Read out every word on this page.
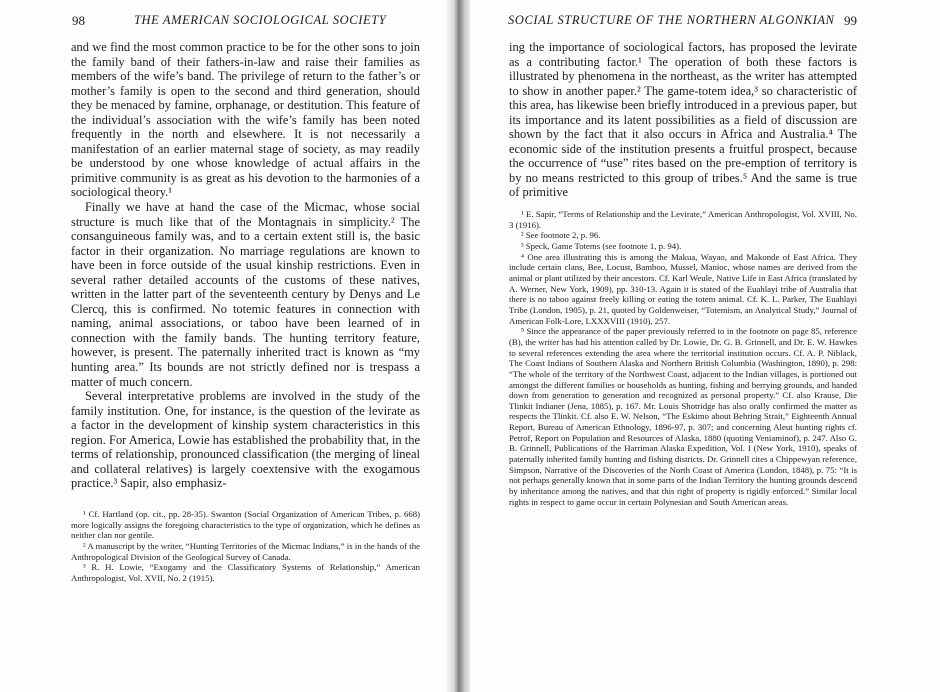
98	THE AMERICAN SOCIOLOGICAL SOCIETY

and we find the most common practice to be for the other sons to join the family band of their fathers-in-law and raise their families as members of the wife’s band. The privilege of return to the father’s or mother’s family is open to the second and third generation, should they be menaced by famine, orphanage, or destitution. This feature of the individual’s association with the wife’s family has been noted frequently in the north and elsewhere. It is not necessarily a manifestation of an earlier maternal stage of society, as may readily be understood by one whose knowledge of actual affairs in the primitive community is as great as his devotion to the harmonies of a sociological theory.¹

Finally we have at hand the case of the Micmac, whose social structure is much like that of the Montagnais in simplicity.² The consanguineous family was, and to a certain extent still is, the basic factor in their organization. No marriage regulations are known to have been in force outside of the usual kinship restrictions. Even in several rather detailed accounts of the customs of these natives, written in the latter part of the seventeenth century by Denys and Le Clercq, this is confirmed. No totemic features in connection with naming, animal associations, or taboo have been learned of in connection with the family bands. The hunting territory feature, however, is present. The paternally inherited tract is known as “my hunting area.” Its bounds are not strictly defined nor is trespass a matter of much concern.

Several interpretative problems are involved in the study of the family institution. One, for instance, is the question of the levirate as a factor in the development of kinship system characteristics in this region. For America, Lowie has established the probability that, in the terms of relationship, pronounced classification (the merging of lineal and collateral relatives) is largely coextensive with the exogamous practice.³ Sapir, also emphasiz-

¹ Cf. Hartland (op. cit., pp. 28-35). Swanton (Social Organization of American Tribes, p. 668) more logically assigns the foregoing characteristics to the type of organization, which he defines as neither clan nor gentile.

² A manuscript by the writer, “Hunting Territories of the Micmac Indians,” is in the hands of the Anthropological Division of the Geological Survey of Canada.

³ R. H. Lowie, “Exogamy and the Classificatory Systems of Relationship,” American Anthropologist, Vol. XVII, No. 2 (1915).

SOCIAL STRUCTURE OF THE NORTHERN ALGONKIAN 99

ing the importance of sociological factors, has proposed the levirate as a contributing factor.¹ The operation of both these factors is illustrated by phenomena in the northeast, as the writer has attempted to show in another paper.² The game-totem idea,³ so characteristic of this area, has likewise been briefly introduced in a previous paper, but its importance and its latent possibilities as a field of discussion are shown by the fact that it also occurs in Africa and Australia.⁴ The economic side of the institution presents a fruitful prospect, because the occurrence of “use” rites based on the pre-emption of territory is by no means restricted to this group of tribes.⁵ And the same is true of primitive

¹ E. Sapir, “Terms of Relationship and the Levirate,” American Anthropologist, Vol. XVIII, No. 3 (1916).

² See footnote 2, p. 96.

³ Speck, Game Totems (see footnote 1, p. 94).

⁴ One area illustrating this is among the Makua, Wayao, and Makonde of East Africa. They include certain clans, Bee, Locust, Bamboo, Mussel, Manioc, whose names are derived from the animal or plant utilized by their ancestors. Cf. Karl Weule, Native Life in East Africa (translated by A. Werner, New York, 1909), pp. 310-13. Again it is stated of the Euahlayi tribe of Australia that there is no taboo against freely killing or eating the totem animal. Cf. K. L. Parker, The Euahlayi Tribe (London, 1905), p. 21, quoted by Goldenweiser, “Totemism, an Analytical Study,” Journal of American Folk-Lore, LXXXVIII (1910), 257.

⁵ Since the appearance of the paper previously referred to in the footnote on page 85, reference (B), the writer has had his attention called by Dr. Lowie, Dr. G. B. Grinnell, and Dr. E. W. Hawkes to several references extending the area where the territorial institution occurs. Cf. A. P. Niblack, The Coast Indians of Southern Alaska and Northern British Columbia (Washington, 1890), p. 298: “The whole of the territory of the Northwest Coast, adjacent to the Indian villages, is portioned out amongst the different families or households as hunting, fishing and berrying grounds, and handed down from generation to generation and recognized as personal property.” Cf. also Krause, Die Tlinkit Indianer (Jena, 1885), p. 167. Mr. Louis Shotridge has also orally confirmed the matter as respects the Tlinkit. Cf. also E. W. Nelson, “The Eskimo about Behring Strait,” Eighteenth Annual Report, Bureau of American Ethnology, 1896-97, p. 307; and concerning Aleut hunting rights cf. Petrof, Report on Population and Resources of Alaska, 1880 (quoting Veniaminof), p. 247. Also G. B. Grinnell, Publications of the Harriman Alaska Expedition, Vol. I (New York, 1910), speaks of paternally inherited family hunting and fishing districts. Dr. Grinnell cites a Chippewyan reference, Simpson, Narrative of the Discoveries of the North Coast of America (London, 1848), p. 75: “It is not perhaps generally known that in some parts of the Indian Territory the hunting grounds descend by inheritance among the natives, and that this right of property is rigidly enforced.” Similar local rights in respect to game occur in certain Polynesian and South American areas.
